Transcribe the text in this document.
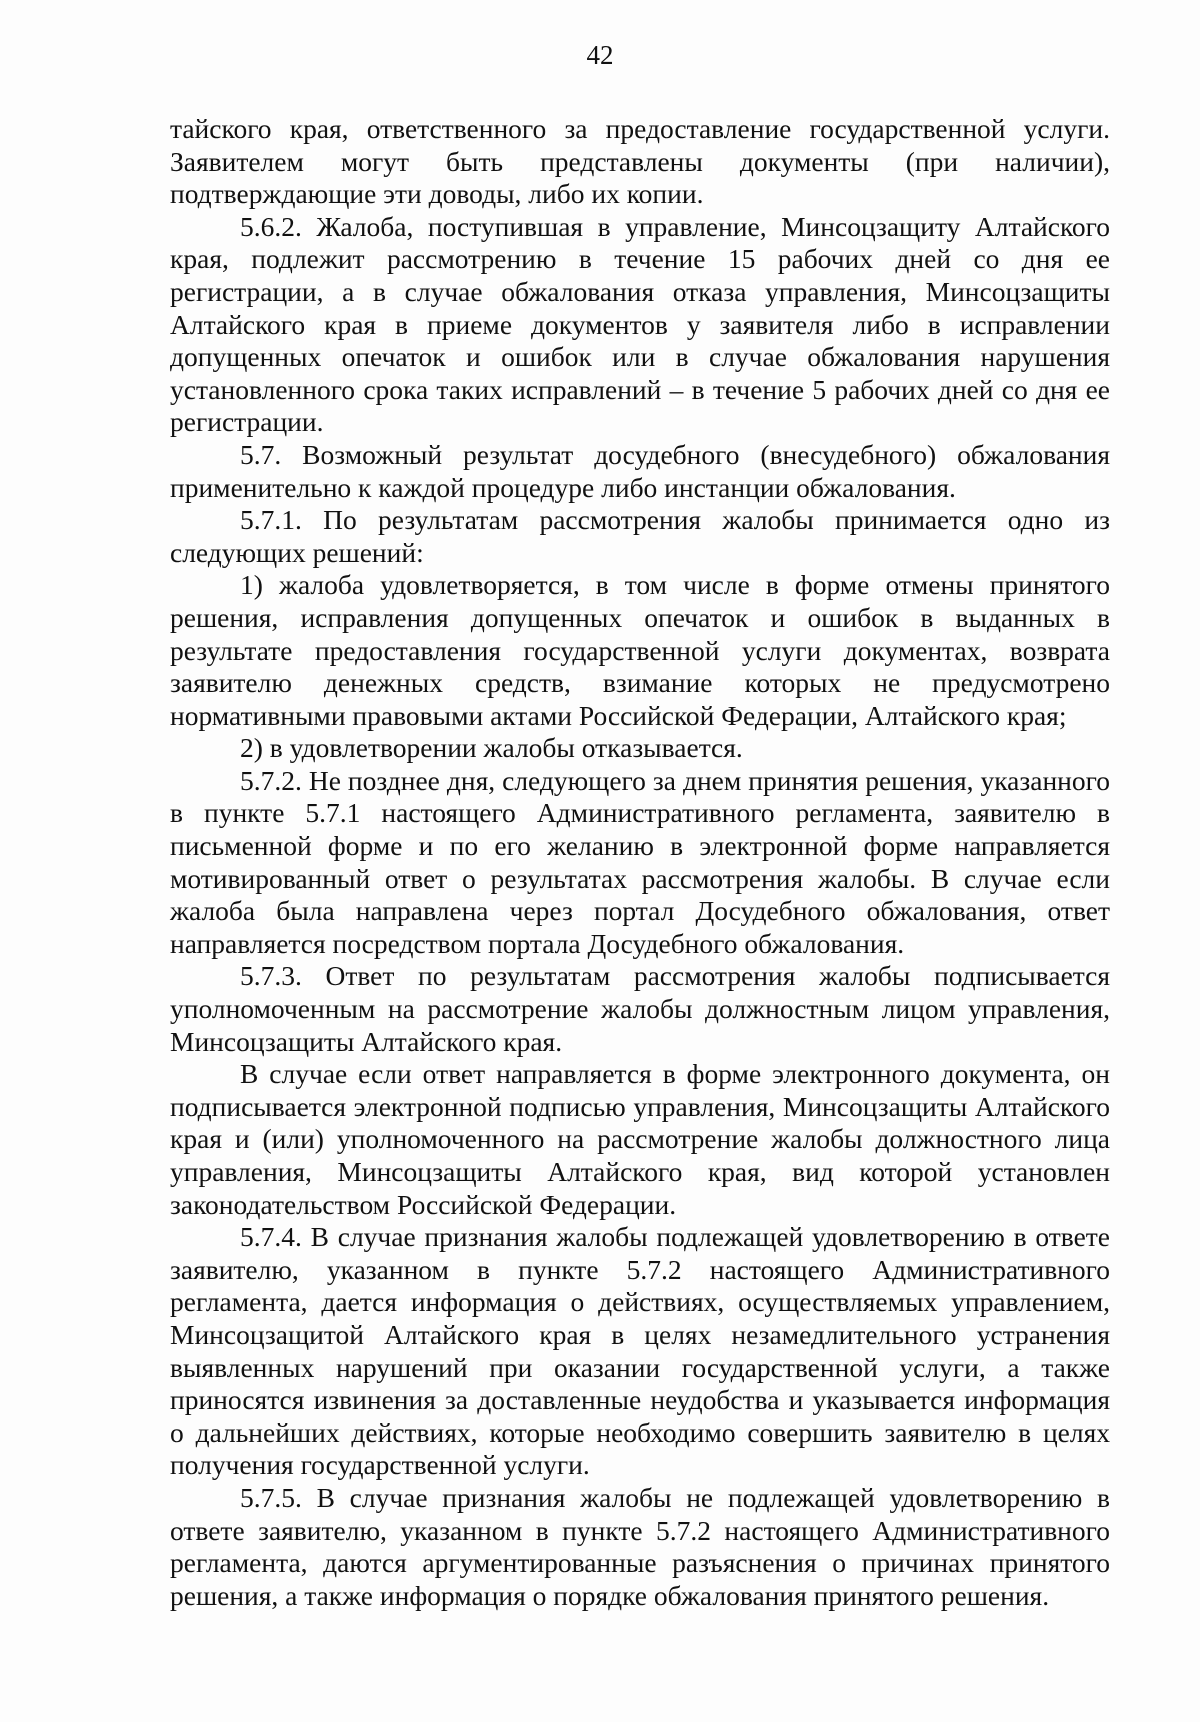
42

тайского края, ответственного за предоставление государственной услуги. Заявителем могут быть представлены документы (при наличии), подтверждающие эти доводы, либо их копии.

5.6.2. Жалоба, поступившая в управление, Минсоцзащиту Алтайского края, подлежит рассмотрению в течение 15 рабочих дней со дня ее регистрации, а в случае обжалования отказа управления, Минсоцзащиты Алтайского края в приеме документов у заявителя либо в исправлении допущенных опечаток и ошибок или в случае обжалования нарушения установленного срока таких исправлений – в течение 5 рабочих дней со дня ее регистрации.

5.7. Возможный результат досудебного (внесудебного) обжалования применительно к каждой процедуре либо инстанции обжалования.

5.7.1. По результатам рассмотрения жалобы принимается одно из следующих решений:

1) жалоба удовлетворяется, в том числе в форме отмены принятого решения, исправления допущенных опечаток и ошибок в выданных в результате предоставления государственной услуги документах, возврата заявителю денежных средств, взимание которых не предусмотрено нормативными правовыми актами Российской Федерации, Алтайского края;

2) в удовлетворении жалобы отказывается.

5.7.2. Не позднее дня, следующего за днем принятия решения, указанного в пункте 5.7.1 настоящего Административного регламента, заявителю в письменной форме и по его желанию в электронной форме направляется мотивированный ответ о результатах рассмотрения жалобы. В случае если жалоба была направлена через портал Досудебного обжалования, ответ направляется посредством портала Досудебного обжалования.

5.7.3. Ответ по результатам рассмотрения жалобы подписывается уполномоченным на рассмотрение жалобы должностным лицом управления, Минсоцзащиты Алтайского края.

В случае если ответ направляется в форме электронного документа, он подписывается электронной подписью управления, Минсоцзащиты Алтайского края и (или) уполномоченного на рассмотрение жалобы должностного лица управления, Минсоцзащиты Алтайского края, вид которой установлен законодательством Российской Федерации.

5.7.4. В случае признания жалобы подлежащей удовлетворению в ответе заявителю, указанном в пункте 5.7.2 настоящего Административного регламента, дается информация о действиях, осуществляемых управлением, Минсоцзащитой Алтайского края в целях незамедлительного устранения выявленных нарушений при оказании государственной услуги, а также приносятся извинения за доставленные неудобства и указывается информация о дальнейших действиях, которые необходимо совершить заявителю в целях получения государственной услуги.

5.7.5. В случае признания жалобы не подлежащей удовлетворению в ответе заявителю, указанном в пункте 5.7.2 настоящего Административного регламента, даются аргументированные разъяснения о причинах принятого решения, а также информация о порядке обжалования принятого решения.
